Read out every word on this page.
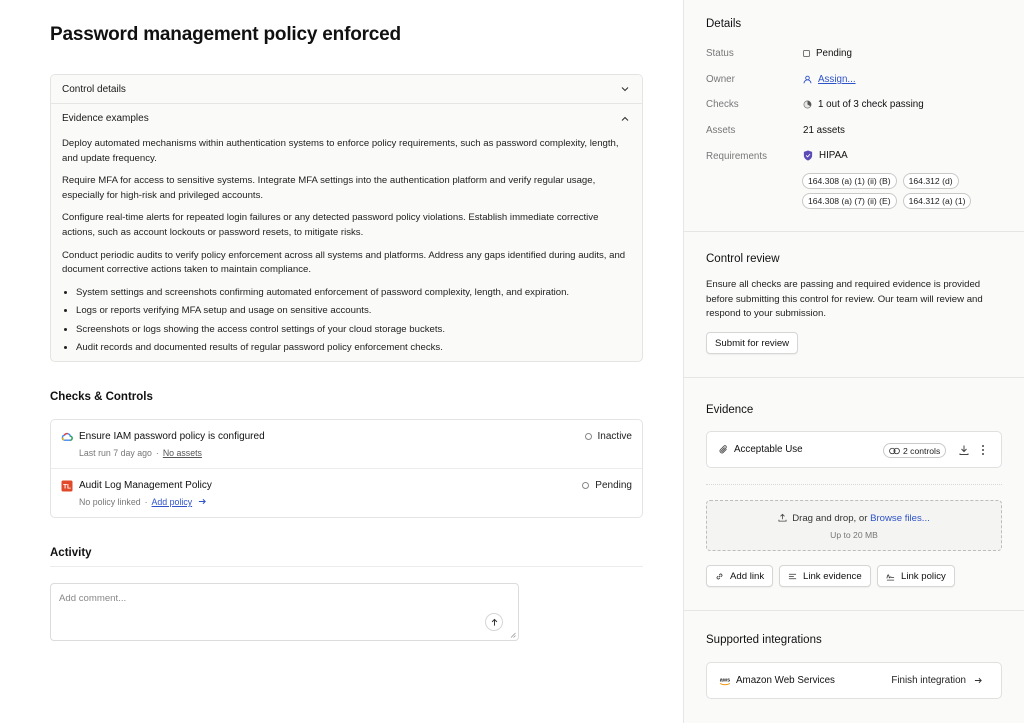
Password management policy enforced
Control details
Evidence examples

Deploy automated mechanisms within authentication systems to enforce policy requirements, such as password complexity, length, and update frequency.

Require MFA for access to sensitive systems. Integrate MFA settings into the authentication platform and verify regular usage, especially for high-risk and privileged accounts.

Configure real-time alerts for repeated login failures or any detected password policy violations. Establish immediate corrective actions, such as account lockouts or password resets, to mitigate risks.

Conduct periodic audits to verify policy enforcement across all systems and platforms. Address any gaps identified during audits, and document corrective actions taken to maintain compliance.

• System settings and screenshots confirming automated enforcement of password complexity, length, and expiration.
• Logs or reports verifying MFA setup and usage on sensitive accounts.
• Screenshots or logs showing the access control settings of your cloud storage buckets.
• Audit records and documented results of regular password policy enforcement checks.
Checks & Controls
Ensure IAM password policy is configured
Last run 7 day ago · No assets
Inactive
TL Audit Log Management Policy
No policy linked · Add policy
Pending
Activity
Add comment...
Details
Status	Pending
Owner	Assign...
Checks	1 out of 3 check passing
Assets	21 assets
Requirements	HIPAA
164.308 (a) (1) (ii) (B)	164.312 (d)
164.308 (a) (7) (ii) (E)	164.312 (a) (1)
Control review
Ensure all checks are passing and required evidence is provided before submitting this control for review. Our team will review and respond to your submission.
Submit for review
Evidence
Acceptable Use	2 controls
Drag and drop, or Browse files...
Up to 20 MB
Add link	Link evidence	Link policy
Supported integrations
aws Amazon Web Services	Finish integration
